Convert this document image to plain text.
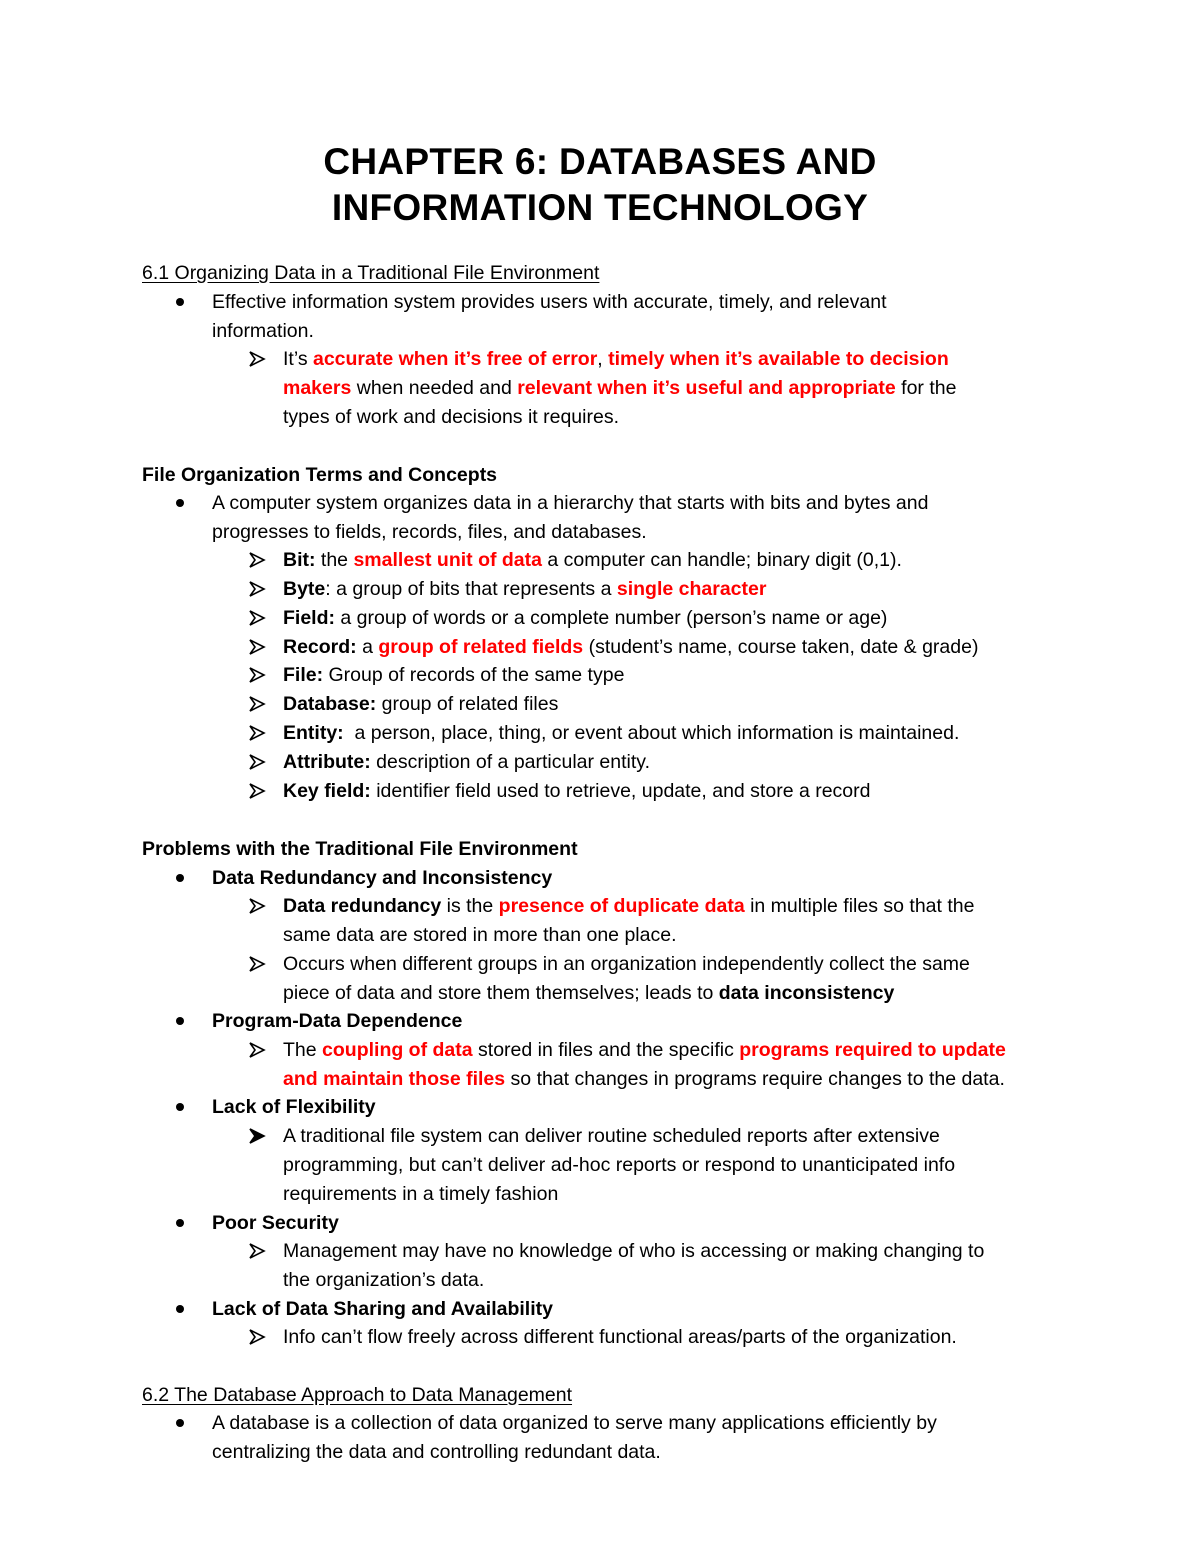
CHAPTER 6: DATABASES AND
INFORMATION TECHNOLOGY
6.1 Organizing Data in a Traditional File Environment
Effective information system provides users with accurate, timely, and relevant
information.
It’s accurate when it’s free of error, timely when it’s available to decision
makers when needed and relevant when it’s useful and appropriate for the
types of work and decisions it requires.
File Organization Terms and Concepts
A computer system organizes data in a hierarchy that starts with bits and bytes and
progresses to fields, records, files, and databases.
Bit: the smallest unit of data a computer can handle; binary digit (0,1).
Byte: a group of bits that represents a single character
Field: a group of words or a complete number (person’s name or age)
Record: a group of related fields (student’s name, course taken, date & grade)
File: Group of records of the same type
Database: group of related files
Entity:  a person, place, thing, or event about which information is maintained.
Attribute: description of a particular entity.
Key field: identifier field used to retrieve, update, and store a record
Problems with the Traditional File Environment
Data Redundancy and Inconsistency
Data redundancy is the presence of duplicate data in multiple files so that the
same data are stored in more than one place.
Occurs when different groups in an organization independently collect the same
piece of data and store them themselves; leads to data inconsistency
Program-Data Dependence
The coupling of data stored in files and the specific programs required to update
and maintain those files so that changes in programs require changes to the data.
Lack of Flexibility
A traditional file system can deliver routine scheduled reports after extensive
programming, but can’t deliver ad-hoc reports or respond to unanticipated info
requirements in a timely fashion
Poor Security
Management may have no knowledge of who is accessing or making changing to
the organization’s data.
Lack of Data Sharing and Availability
Info can’t flow freely across different functional areas/parts of the organization.
6.2 The Database Approach to Data Management
A database is a collection of data organized to serve many applications efficiently by
centralizing the data and controlling redundant data.
